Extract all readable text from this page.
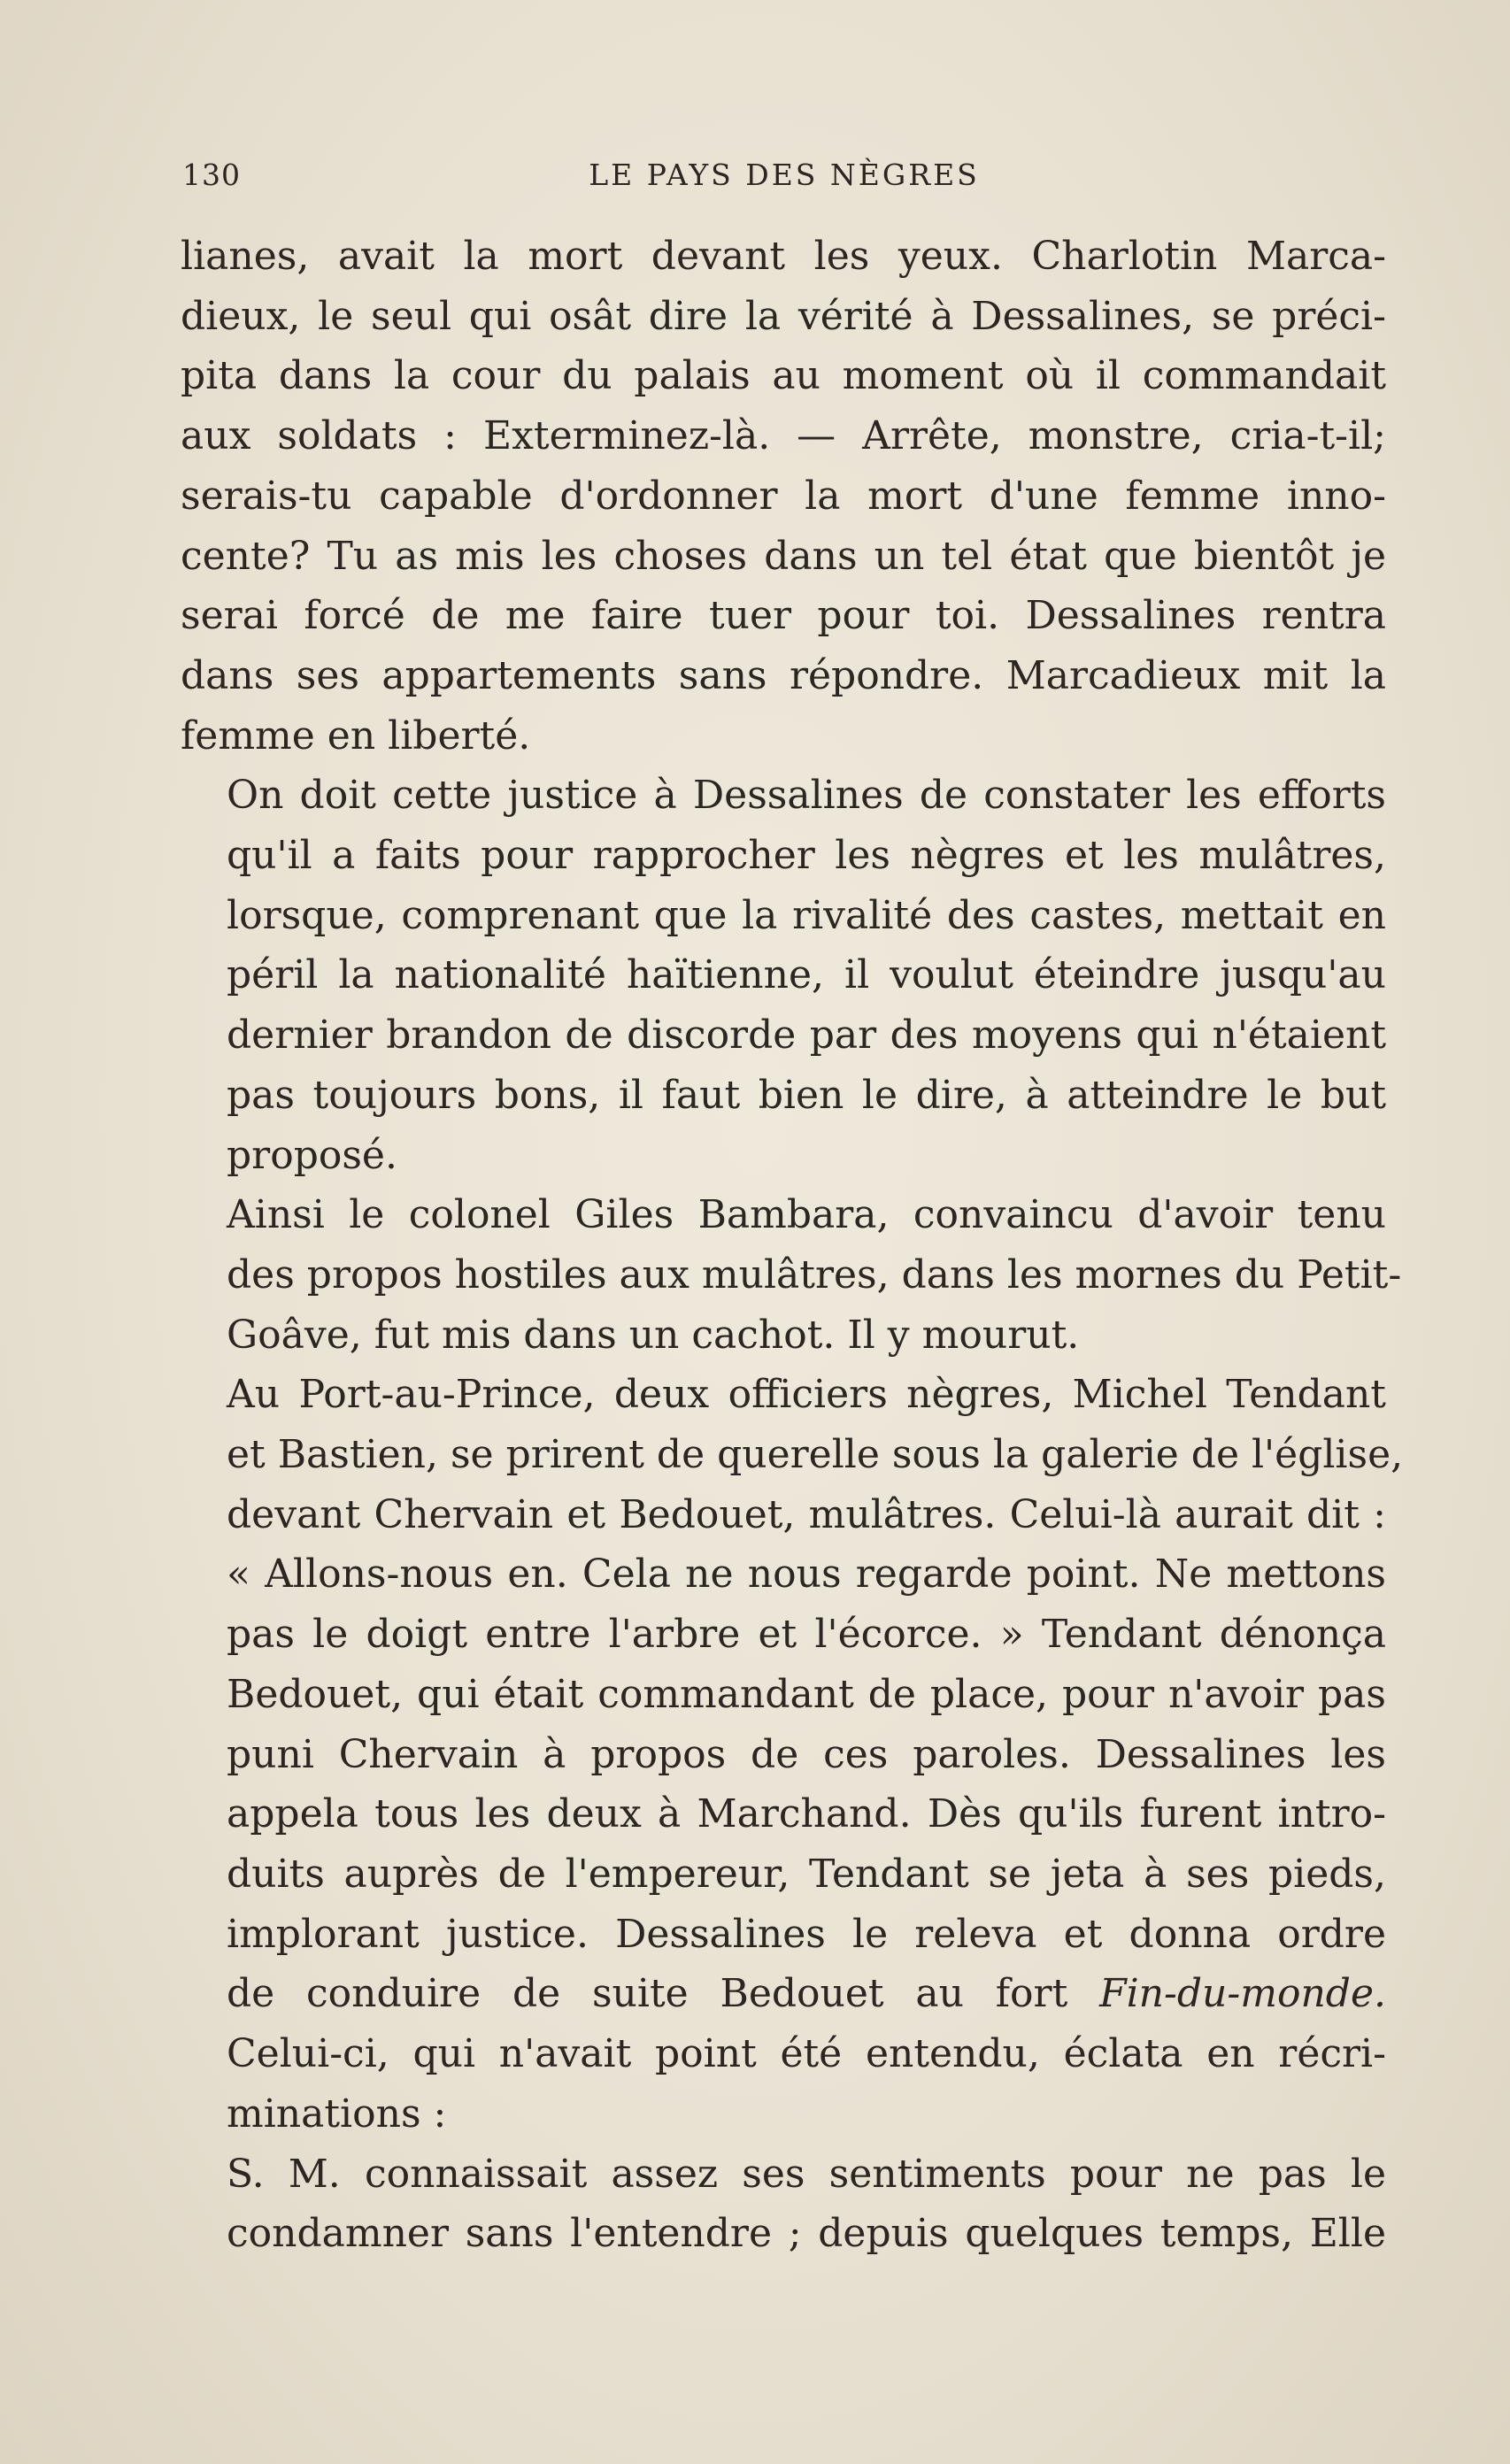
130	LE PAYS DES NÈGRES
lianes, avait la mort devant les yeux. Charlotin Marca-
dieux, le seul qui osât dire la vérité à Dessalines, se préci-
pita dans la cour du palais au moment où il commandait
aux soldats : Exterminez-là. — Arrête, monstre, cria-t-il;
serais-tu capable d'ordonner la mort d'une femme inno-
cente? Tu as mis les choses dans un tel état que bientôt je
serai forcé de me faire tuer pour toi. Dessalines rentra
dans ses appartements sans répondre. Marcadieux mit la
femme en liberté.
On doit cette justice à Dessalines de constater les efforts
qu'il a faits pour rapprocher les nègres et les mulâtres,
lorsque, comprenant que la rivalité des castes, mettait en
péril la nationalité haïtienne, il voulut éteindre jusqu'au
dernier brandon de discorde par des moyens qui n'étaient
pas toujours bons, il faut bien le dire, à atteindre le but
proposé.
Ainsi le colonel Giles Bambara, convaincu d'avoir tenu
des propos hostiles aux mulâtres, dans les mornes du Petit-
Goâve, fut mis dans un cachot. Il y mourut.
Au Port-au-Prince, deux officiers nègres, Michel Tendant
et Bastien, se prirent de querelle sous la galerie de l'église,
devant Chervain et Bedouet, mulâtres. Celui-là aurait dit :
« Allons-nous en. Cela ne nous regarde point. Ne mettons
pas le doigt entre l'arbre et l'écorce. » Tendant dénonça
Bedouet, qui était commandant de place, pour n'avoir pas
puni Chervain à propos de ces paroles. Dessalines les
appela tous les deux à Marchand. Dès qu'ils furent intro-
duits auprès de l'empereur, Tendant se jeta à ses pieds,
implorant justice. Dessalines le releva et donna ordre
de conduire de suite Bedouet au fort Fin-du-monde.
Celui-ci, qui n'avait point été entendu, éclata en récri-
minations :
S. M. connaissait assez ses sentiments pour ne pas le
condamner sans l'entendre ; depuis quelques temps, Elle
